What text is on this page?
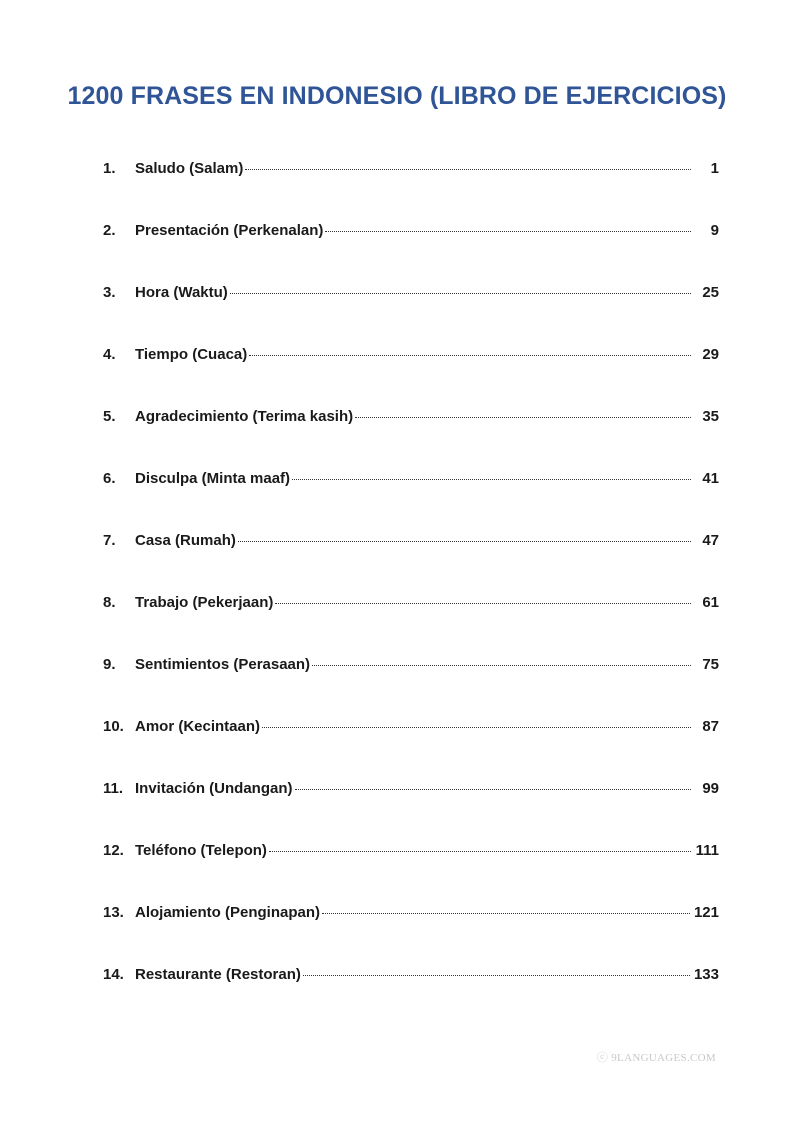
1200 FRASES EN INDONESIO (LIBRO DE EJERCICIOS)
1.	Saludo (Salam)	1
2.	Presentación (Perkenalan)	9
3.	Hora (Waktu)	25
4.	Tiempo (Cuaca)	29
5.	Agradecimiento (Terima kasih)	35
6.	Disculpa (Minta maaf)	41
7.	Casa (Rumah)	47
8.	Trabajo (Pekerjaan)	61
9.	Sentimientos (Perasaan)	75
10. Amor (Kecintaan)	87
11. Invitación (Undangan)	99
12. Teléfono (Telepon)	111
13. Alojamiento (Penginapan)	121
14. Restaurante (Restoran)	133
ⓒ 9LANGUAGES.COM
